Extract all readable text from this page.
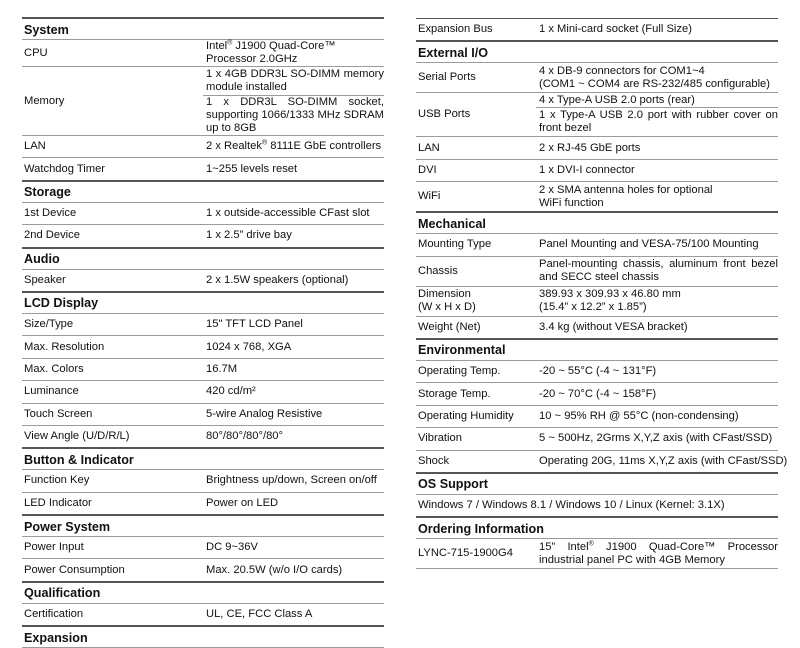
System	
CPU	Intel® J1900 Quad-Core™ Processor 2.0GHz
Memory	1 x 4GB DDR3L SO-DIMM memory module installed
	1 x DDR3L SO-DIMM socket, supporting 1066/1333 MHz SDRAM up to 8GB
LAN	2 x Realtek® 8111E GbE controllers
Watchdog Timer	1~255 levels reset
Storage	
1st Device	1 x outside-accessible CFast slot
2nd Device	1 x 2.5” drive bay
Audio	
Speaker	2 x 1.5W speakers (optional)
LCD Display	
Size/Type	15" TFT LCD Panel
Max. Resolution	1024 x 768, XGA
Max. Colors	16.7M
Luminance	420 cd/m²
Touch Screen	5-wire Analog Resistive
View Angle (U/D/R/L)	80°/80°/80°/80°
Button & Indicator	
Function Key	Brightness up/down, Screen on/off
LED Indicator	Power on LED
Power System	
Power Input	DC 9~36V
Power Consumption	Max. 20.5W (w/o I/O cards)
Qualification	
Certification	UL, CE, FCC Class A
Expansion	
Expansion Bus	1 x Mini-card socket (Full Size)
External I/O	
Serial Ports	4 x DB-9 connectors for COM1~4
(COM1 ~ COM4 are RS-232/485 configurable)

USB Ports	4 x Type-A USB 2.0 ports (rear)
	1 x Type-A USB 2.0 port with rubber cover on front bezel
LAN	2 x RJ-45 GbE ports
DVI	1 x DVI-I connector
WiFi	2 x SMA antenna holes for optional
WiFi function

Mechanical	
Mounting Type	Panel Mounting and VESA-75/100 Mounting
Chassis	Panel-mounting chassis, aluminum front bezel and SECC steel chassis

Dimension
(W x H x D)	389.93 x 309.93 x 46.80 mm
(15.4” x 12.2” x 1.85”)

Weight (Net)	3.4 kg (without VESA bracket)
Environmental	
Operating Temp.	-20 ~ 55°C (-4 ~ 131°F)
Storage Temp.	-20 ~ 70°C (-4 ~ 158°F)
Operating Humidity	10 ~ 95% RH @ 55°C (non-condensing)
Vibration	5 ~ 500Hz, 2Grms X,Y,Z axis (with CFast/SSD)
Shock	Operating 20G, 11ms X,Y,Z axis (with CFast/SSD)
OS Support	
Windows 7 / Windows 8.1 / Windows 10 / Linux (Kernel: 3.1X)	
Ordering Information	
LYNC-715-1900G4	15” Intel® J1900 Quad-Core™ Processor industrial panel PC with 4GB Memory
